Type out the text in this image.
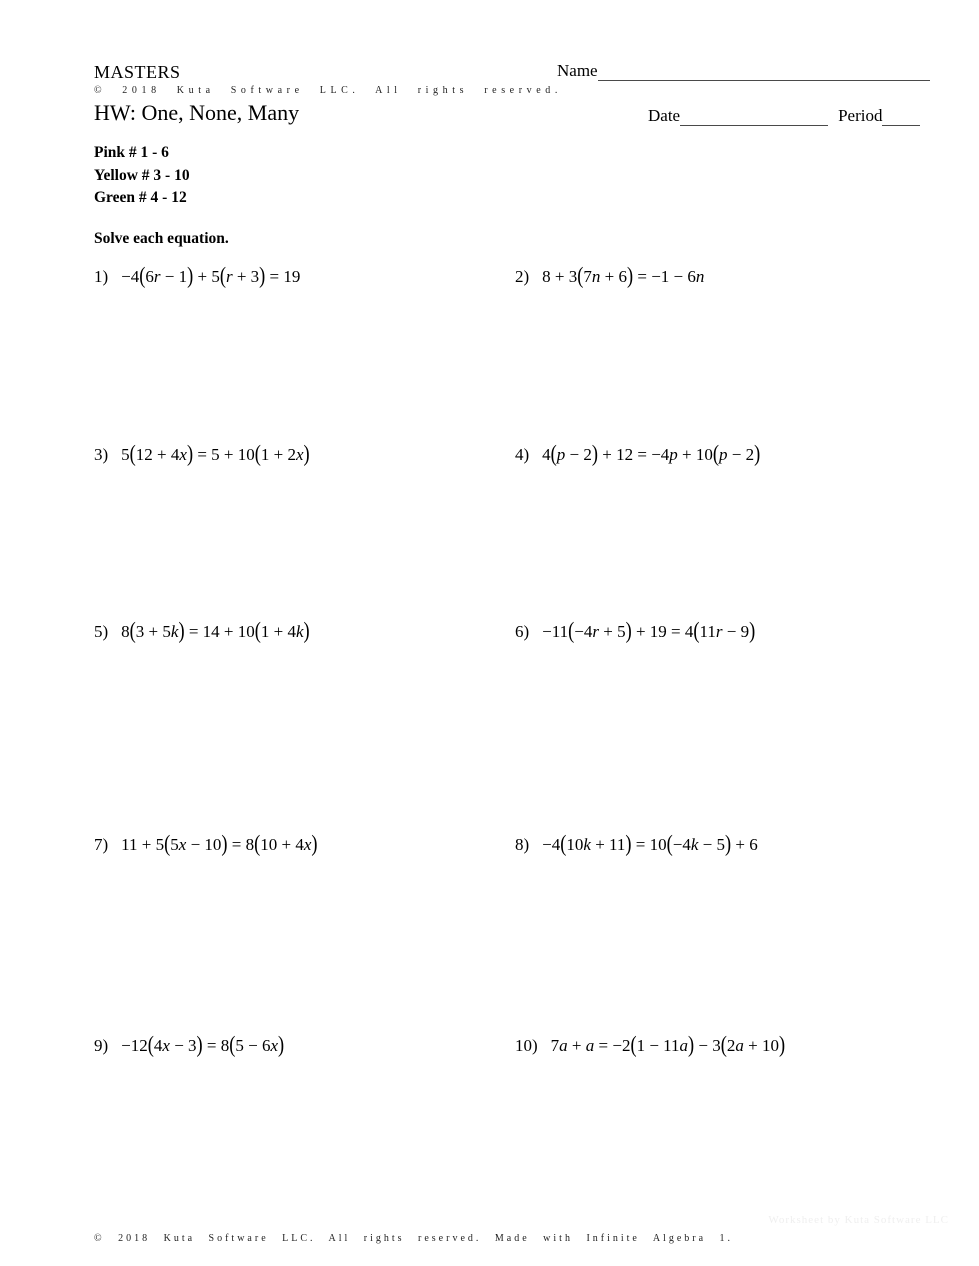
MASTERS
© 2018 Kuta Software LLC. All rights reserved.
HW: One, None, Many
Name
Date	Period
Pink # 1 - 6
Yellow # 3 - 10
Green # 4 - 12
Solve each equation.
1) −4(6r − 1) + 5(r + 3) = 19	2) 8 + 3(7n + 6) = −1 − 6n
3) 5(12 + 4x) = 5 + 10(1 + 2x)	4) 4(p − 2) + 12 = −4p + 10(p − 2)
5) 8(3 + 5k) = 14 + 10(1 + 4k)	6) −11(−4r + 5) + 19 = 4(11r − 9)
7) 11 + 5(5x − 10) = 8(10 + 4x)	8) −4(10k + 11) = 10(−4k − 5) + 6
9) −12(4x − 3) = 8(5 − 6x)	10) 7a + a = −2(1 − 11a) − 3(2a + 10)
Worksheet by Kuta Software LLC
© 2018 Kuta Software LLC. All rights reserved. Made with Infinite Algebra 1.
